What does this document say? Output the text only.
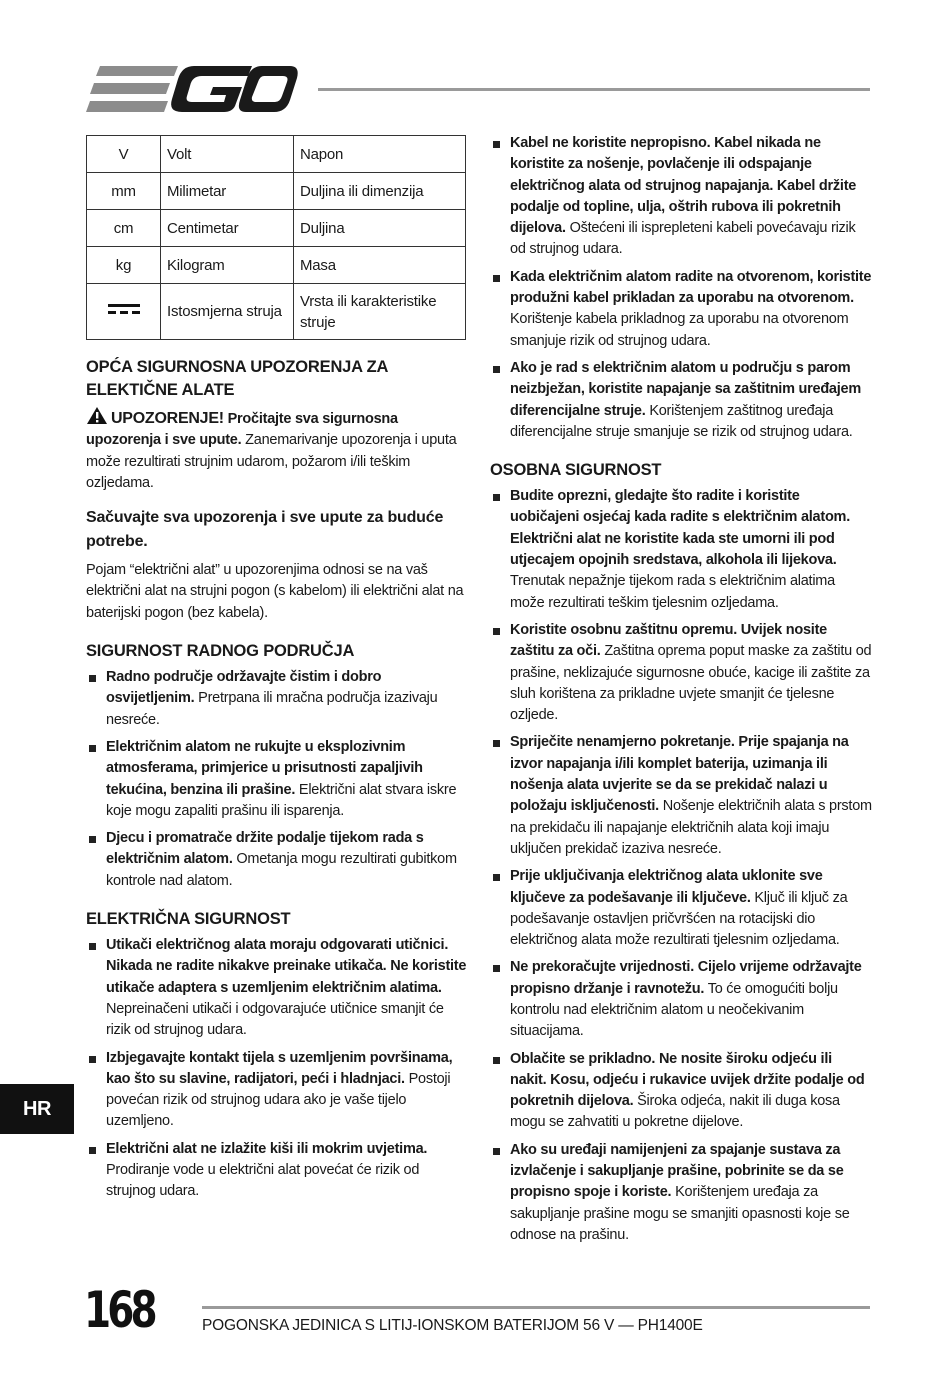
V	Volt	Napon
mm	Milimetar	Duljina ili dimenzija
cm	Centimetar	Duljina
kg	Kilogram	Masa
	Istosmjerna struja	Vrsta ili karakteristike struje
OPĆA SIGURNOSNA UPOZORENJA ZA ELEKTIČNE ALATE

UPOZORENJE! Pročitajte sva sigurnosna upozorenja i sve upute. Zanemarivanje upozorenja i uputa može rezultirati strujnim udarom, požarom i/ili teškim ozljedama.

Sačuvajte sva upozorenja i sve upute za buduće potrebe.

Pojam “električni alat” u upozorenjima odnosi se na vaš električni alat na strujni pogon (s kabelom) ili električni alat na baterijski pogon (bez kabela).

SIGURNOST RADNOG PODRUČJA
Radno područje održavajte čistim i dobro osvijetljenim. Pretrpana ili mračna područja izazivaju nesreće.
Električnim alatom ne rukujte u eksplozivnim atmosferama, primjerice u prisutnosti zapaljivih tekućina, benzina ili prašine. Električni alat stvara iskre koje mogu zapaliti prašinu ili isparenja.
Djecu i promatrače držite podalje tijekom rada s električnim alatom. Ometanja mogu rezultirati gubitkom kontrole nad alatom.
ELEKTRIČNA SIGURNOST
Utikači električnog alata moraju odgovarati utičnici. Nikada ne radite nikakve preinake utikača. Ne koristite utikače adaptera s uzemljenim električnim alatima. Nepreinačeni utikači i odgovarajuće utičnice smanjit će rizik od strujnog udara.
Izbjegavajte kontakt tijela s uzemljenim površinama, kao što su slavine, radijatori, peći i hladnjaci. Postoji povećan rizik od strujnog udara ako je vaše tijelo uzemljeno.
Električni alat ne izlažite kiši ili mokrim uvjetima. Prodiranje vode u električni alat povećat će rizik od strujnog udara.
Kabel ne koristite nepropisno. Kabel nikada ne koristite za nošenje, povlačenje ili odspajanje električnog alata od strujnog napajanja. Kabel držite podalje od topline, ulja, oštrih rubova ili pokretnih dijelova. Oštećeni ili isprepleteni kabeli povećavaju rizik od strujnog udara.
Kada električnim alatom radite na otvorenom, koristite produžni kabel prikladan za uporabu na otvorenom. Korištenje kabela prikladnog za uporabu na otvorenom smanjuje rizik od strujnog udara.
Ako je rad s električnim alatom u području s parom neizbježan, koristite napajanje sa zaštitnim uređajem diferencijalne struje. Korištenjem zaštitnog uređaja diferencijalne struje smanjuje se rizik od strujnog udara.
OSOBNA SIGURNOST
Budite oprezni, gledajte što radite i koristite uobičajeni osjećaj kada radite s električnim alatom. Električni alat ne koristite kada ste umorni ili pod utjecajem opojnih sredstava, alkohola ili lijekova. Trenutak nepažnje tijekom rada s električnim alatima može rezultirati teškim tjelesnim ozljedama.
Koristite osobnu zaštitnu opremu. Uvijek nosite zaštitu za oči. Zaštitna oprema poput maske za zaštitu od prašine, neklizajuće sigurnosne obuće, kacige ili zaštite za sluh korištena za prikladne uvjete smanjit će tjelesne ozljede.
Spriječite nenamjerno pokretanje. Prije spajanja na izvor napajanja i/ili komplet baterija, uzimanja ili nošenja alata uvjerite se da se prekidač nalazi u položaju isključenosti. Nošenje električnih alata s prstom na prekidaču ili napajanje električnih alata koji imaju uključen prekidač izaziva nesreće.
Prije uključivanja električnog alata uklonite sve ključeve za podešavanje ili ključeve. Ključ ili ključ za podešavanje ostavljen pričvršćen na rotacijski dio električnog alata može rezultirati tjelesnim ozljedama.
Ne prekoračujte vrijednosti. Cijelo vrijeme održavajte propisno držanje i ravnotežu. To će omogućiti bolju kontrolu nad električnim alatom u neočekivanim situacijama.
Oblačite se prikladno. Ne nosite široku odjeću ili nakit. Kosu, odjeću i rukavice uvijek držite podalje od pokretnih dijelova. Široka odjeća, nakit ili duga kosa mogu se zahvatiti u pokretne dijelove.
Ako su uređaji namijenjeni za spajanje sustava za izvlačenje i sakupljanje prašine, pobrinite se da se propisno spoje i koriste. Korištenjem uređaja za sakupljanje prašine mogu se smanjiti opasnosti koje se odnose na prašinu.
HR
168	POGONSKA JEDINICA S LITIJ-IONSKOM BATERIJOM 56 V — PH1400E
